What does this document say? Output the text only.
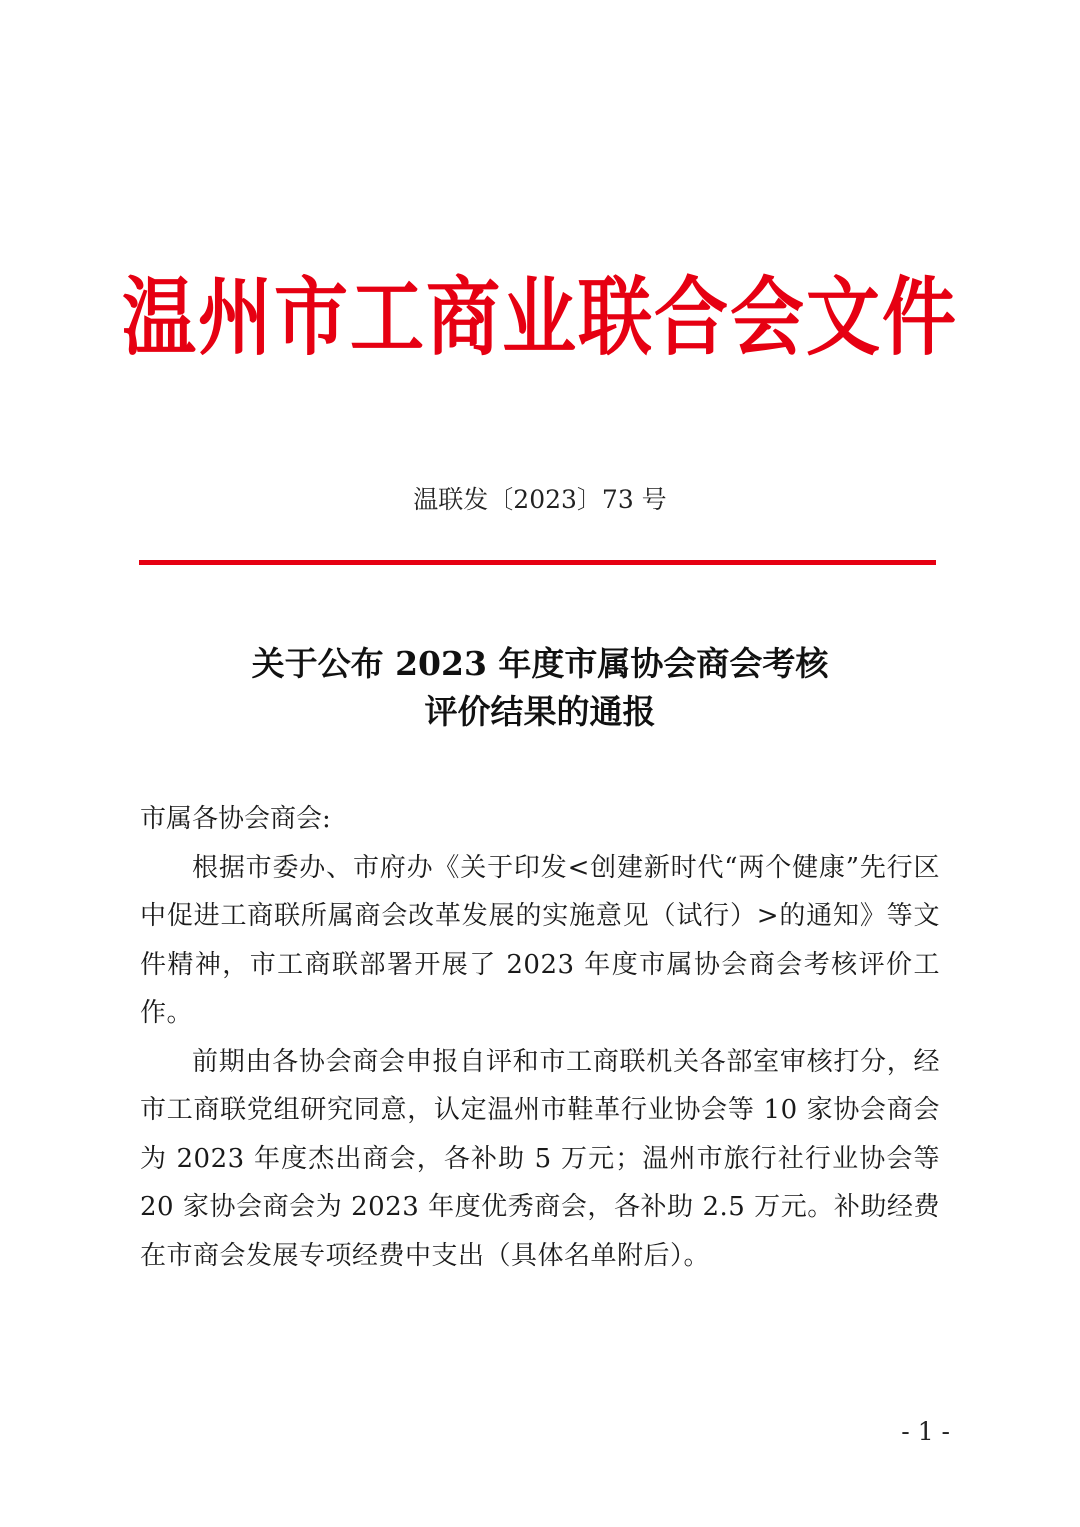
温州市工商业联合会文件
温联发〔2023〕73 号
关于公布 2023 年度市属协会商会考核
评价结果的通报

市属各协会商会:

根据市委办、市府办《关于印发<创建新时代“两个健康”先行区中促进工商联所属商会改革发展的实施意见（试行）>的通知》等文件精神，市工商联部署开展了 2023 年度市属协会商会考核评价工作。

前期由各协会商会申报自评和市工商联机关各部室审核打分，经市工商联党组研究同意，认定温州市鞋革行业协会等 10 家协会商会为 2023 年度杰出商会，各补助 5 万元；温州市旅行社行业协会等 20 家协会商会为 2023 年度优秀商会，各补助 2.5 万元。补助经费在市商会发展专项经费中支出（具体名单附后）。

- 1 -
